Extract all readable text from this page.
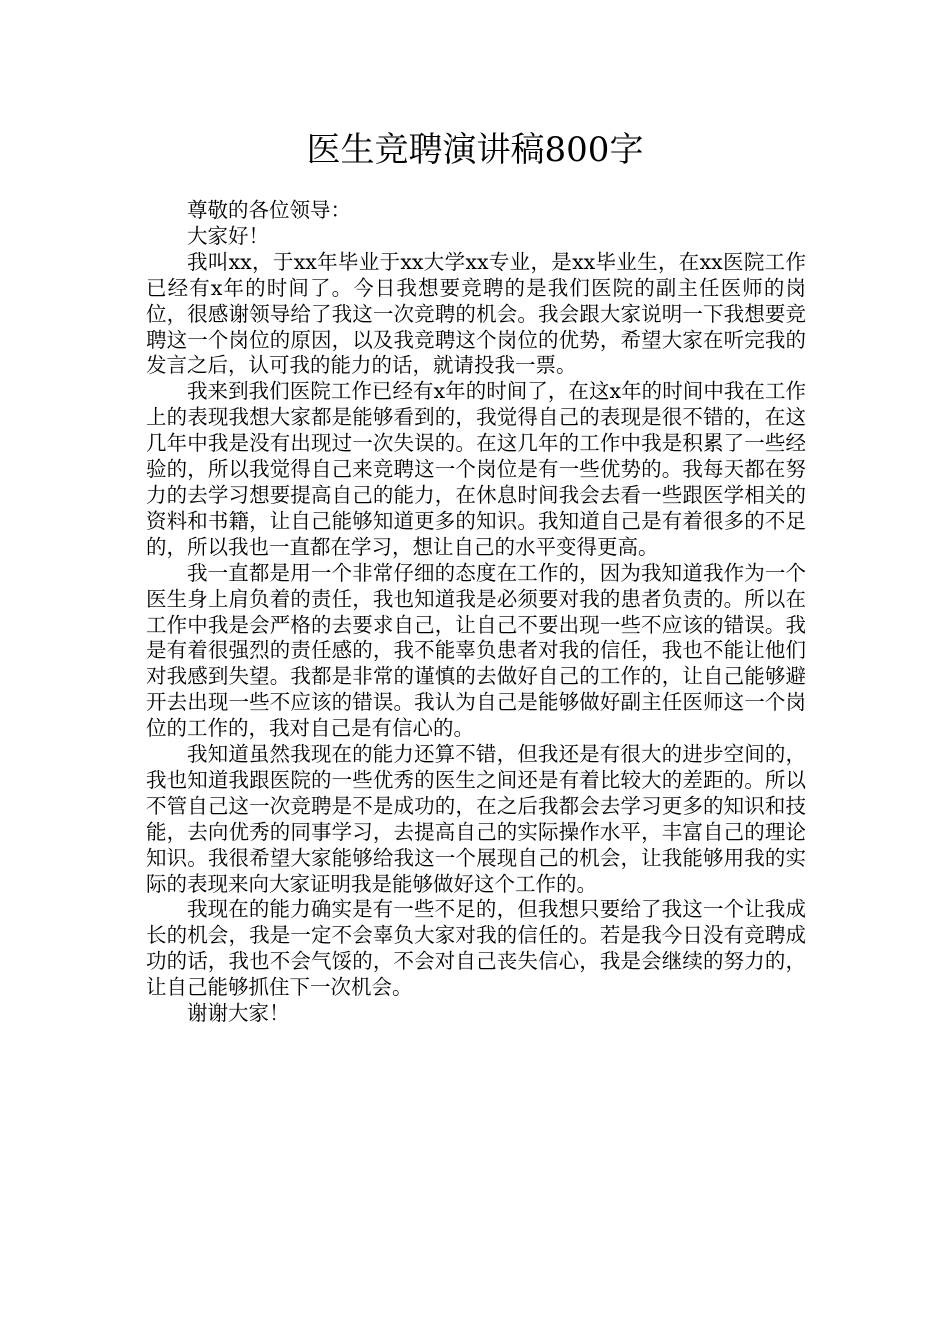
医生竞聘演讲稿800字

尊敬的各位领导：

大家好！

我叫xx，于xx年毕业于xx大学xx专业，是xx毕业生，在xx医院工作已经有x年的时间了。今日我想要竞聘的是我们医院的副主任医师的岗位，很感谢领导给了我这一次竞聘的机会。我会跟大家说明一下我想要竞聘这一个岗位的原因，以及我竞聘这个岗位的优势，希望大家在听完我的发言之后，认可我的能力的话，就请投我一票。

我来到我们医院工作已经有x年的时间了，在这x年的时间中我在工作上的表现我想大家都是能够看到的，我觉得自己的表现是很不错的，在这几年中我是没有出现过一次失误的。在这几年的工作中我是积累了一些经验的，所以我觉得自己来竞聘这一个岗位是有一些优势的。我每天都在努力的去学习想要提高自己的能力，在休息时间我会去看一些跟医学相关的资料和书籍，让自己能够知道更多的知识。我知道自己是有着很多的不足的，所以我也一直都在学习，想让自己的水平变得更高。

我一直都是用一个非常仔细的态度在工作的，因为我知道我作为一个医生身上肩负着的责任，我也知道我是必须要对我的患者负责的。所以在工作中我是会严格的去要求自己，让自己不要出现一些不应该的错误。我是有着很强烈的责任感的，我不能辜负患者对我的信任，我也不能让他们对我感到失望。我都是非常的谨慎的去做好自己的工作的，让自己能够避开去出现一些不应该的错误。我认为自己是能够做好副主任医师这一个岗位的工作的，我对自己是有信心的。

我知道虽然我现在的能力还算不错，但我还是有很大的进步空间的，我也知道我跟医院的一些优秀的医生之间还是有着比较大的差距的。所以不管自己这一次竞聘是不是成功的，在之后我都会去学习更多的知识和技能，去向优秀的同事学习，去提高自己的实际操作水平，丰富自己的理论知识。我很希望大家能够给我这一个展现自己的机会，让我能够用我的实际的表现来向大家证明我是能够做好这个工作的。

我现在的能力确实是有一些不足的，但我想只要给了我这一个让我成长的机会，我是一定不会辜负大家对我的信任的。若是我今日没有竞聘成功的话，我也不会气馁的，不会对自己丧失信心，我是会继续的努力的，让自己能够抓住下一次机会。

谢谢大家！
